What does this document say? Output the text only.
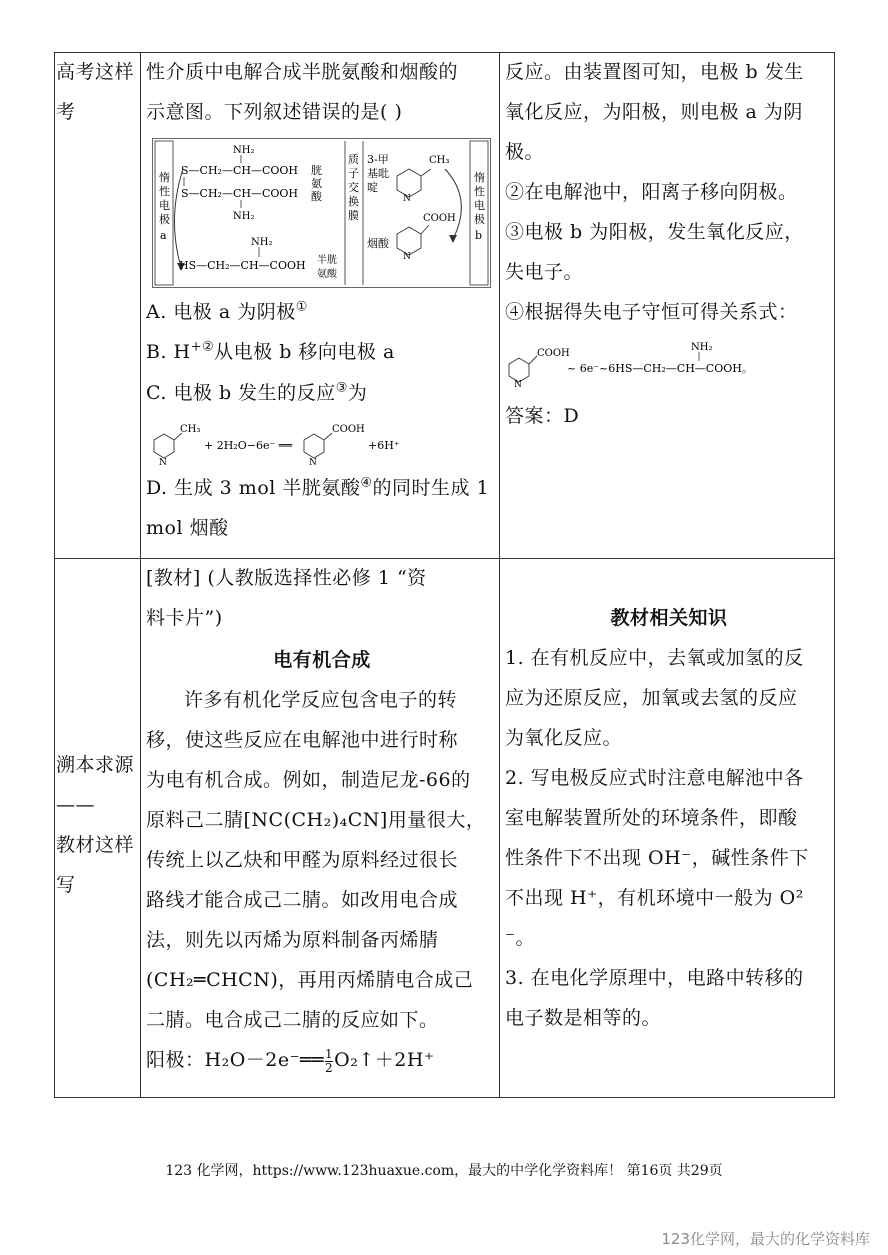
高考这样
考
性介质中电解合成半胱氨酸和烟酸的
示意图。下列叙述错误的是( )
惰
性
电
极
a
惰
性
电
极
b
质
子
交
换
膜
NH₂
S—CH₂—CH—COOH
S—CH₂—CH—COOH
NH₂
胱
氨
酸
NH₂
HS—CH₂—CH—COOH 半胱
氨酸
3-甲
基吡
啶
N
CH₃
N
COOH
烟酸
A. 电极 a 为阴极①
B. H+②从电极 b 移向电极 a
C. 电极 b 发生的反应③为
N
CH₃
+ 2H₂O−6e⁻ ══
N
COOH
+6H⁺
D. 生成 3 mol 半胱氨酸④的同时生成 1
mol 烟酸
反应。由装置图可知，电极 b 发生
氧化反应，为阳极，则电极 a 为阴
极。
②在电解池中，阳离子移向阴极。
③电极 b 为阳极，发生氧化反应，
失电子。
④根据得失电子守恒可得关系式：
N
COOH
NH₂
~ 6e⁻~6HS—CH₂—CH—COOH。
答案：D
溯本求源
——
教材这样
写
[教材] (人教版选择性必修 1 “资
料卡片”)
电有机合成
许多有机化学反应包含电子的转
移，使这些反应在电解池中进行时称
为电有机合成。例如，制造尼龙-66的
原料己二腈[NC(CH₂)₄CN]用量很大，
传统上以乙炔和甲醛为原料经过很长
路线才能合成己二腈。如改用电合成
法，则先以丙烯为原料制备丙烯腈
(CH₂═CHCN)，再用丙烯腈电合成己
二腈。电合成己二腈的反应如下。
阳极：H₂O－2e⁻══ $\frac{1}{2}$ O₂↑＋2H⁺
教材相关知识
1. 在有机反应中，去氧或加氢的反
应为还原反应，加氧或去氢的反应
为氧化反应。
2. 写电极反应式时注意电解池中各
室电解装置所处的环境条件，即酸
性条件下不出现 OH⁻，碱性条件下
不出现 H⁺，有机环境中一般为 O²
⁻。
3. 在电化学原理中，电路中转移的
电子数是相等的。
123 化学网，https://www.123huaxue.com，最大的中学化学资料库！ 第16页 共29页
123化学网，最大的化学资料库
